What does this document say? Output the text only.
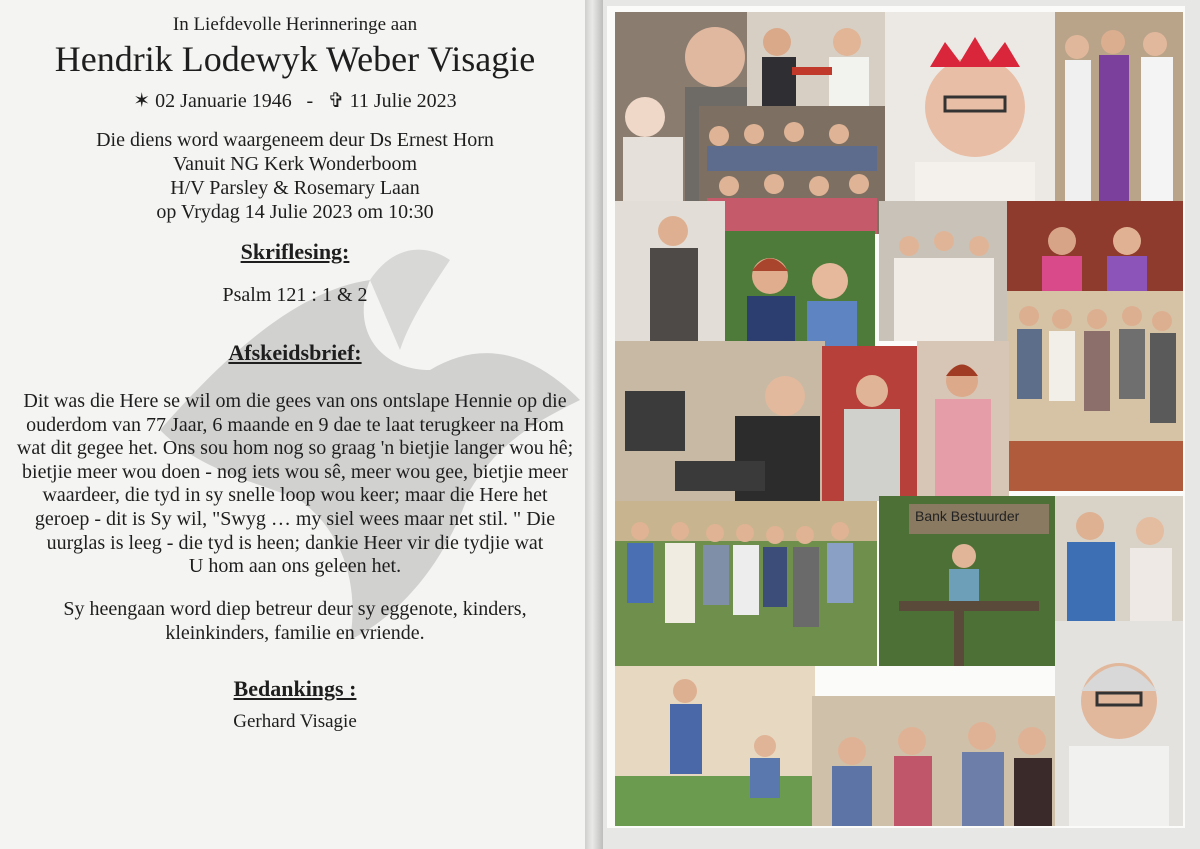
In Liefdevolle Herinneringe aan
Hendrik Lodewyk Weber Visagie
✶ 02 Januarie 1946 - ✞ 11 Julie 2023
Die diens word waargeneem deur Ds Ernest Horn
Vanuit NG Kerk Wonderboom
H/V Parsley & Rosemary Laan
op Vrydag 14 Julie 2023 om 10:30
Skriflesing:
Psalm 121 : 1 & 2
Afskeidsbrief:
Dit was die Here se wil om die gees van ons ontslape Hennie op die
ouderdom van 77 Jaar, 6 maande en 9 dae te laat terugkeer na Hom
wat dit gegee het. Ons sou hom nog so graag 'n bietjie langer wou hê;
bietjie meer wou doen - nog iets wou sê, meer wou gee, bietjie meer
waardeer, die tyd in sy snelle loop wou keer; maar die Here het
geroep - dit is Sy wil, "Swyg … my siel wees maar net stil. " Die
uurglas is leeg - die tyd is heen; dankie Heer vir die tydjie wat
U hom aan ons geleen het.
Sy heengaan word diep betreur deur sy eggenote, kinders,
kleinkinders, familie en vriende.
Bedankings :
Gerhard Visagie
Bank Bestuurder
